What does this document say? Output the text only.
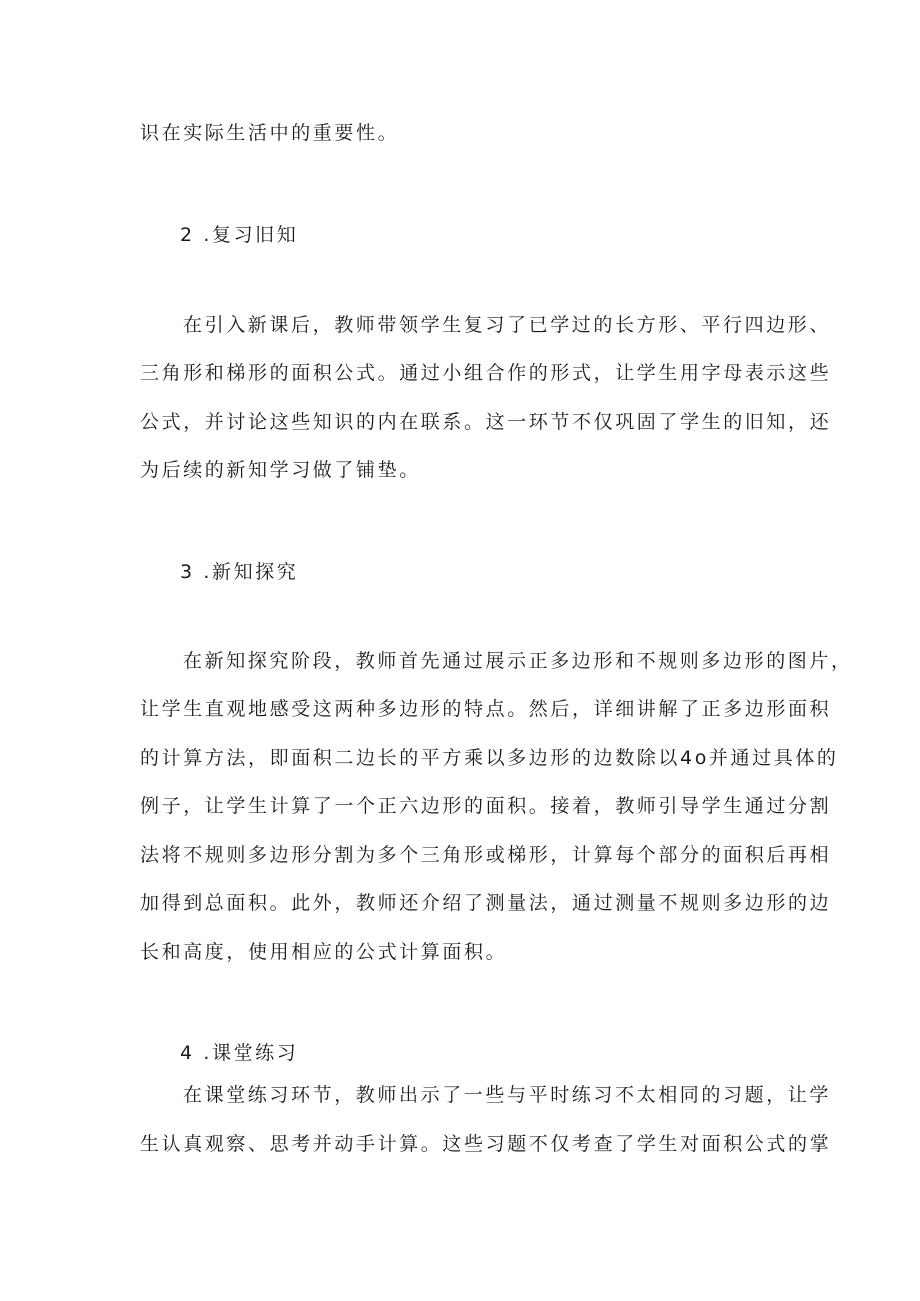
识在实际生活中的重要性。
2 .复习旧知
在引入新课后，教师带领学生复习了已学过的长方形、平行四边形、
三角形和梯形的面积公式。通过小组合作的形式，让学生用字母表示这些
公式，并讨论这些知识的内在联系。这一环节不仅巩固了学生的旧知，还
为后续的新知学习做了铺垫。
3 .新知探究
在新知探究阶段，教师首先通过展示正多边形和不规则多边形的图片，
让学生直观地感受这两种多边形的特点。然后，详细讲解了正多边形面积
的计算方法，即面积二边长的平方乘以多边形的边数除以4o并通过具体的
例子，让学生计算了一个正六边形的面积。接着，教师引导学生通过分割
法将不规则多边形分割为多个三角形或梯形，计算每个部分的面积后再相
加得到总面积。此外，教师还介绍了测量法，通过测量不规则多边形的边
长和高度，使用相应的公式计算面积。
4 .课堂练习
在课堂练习环节，教师出示了一些与平时练习不太相同的习题，让学
生认真观察、思考并动手计算。这些习题不仅考查了学生对面积公式的掌
